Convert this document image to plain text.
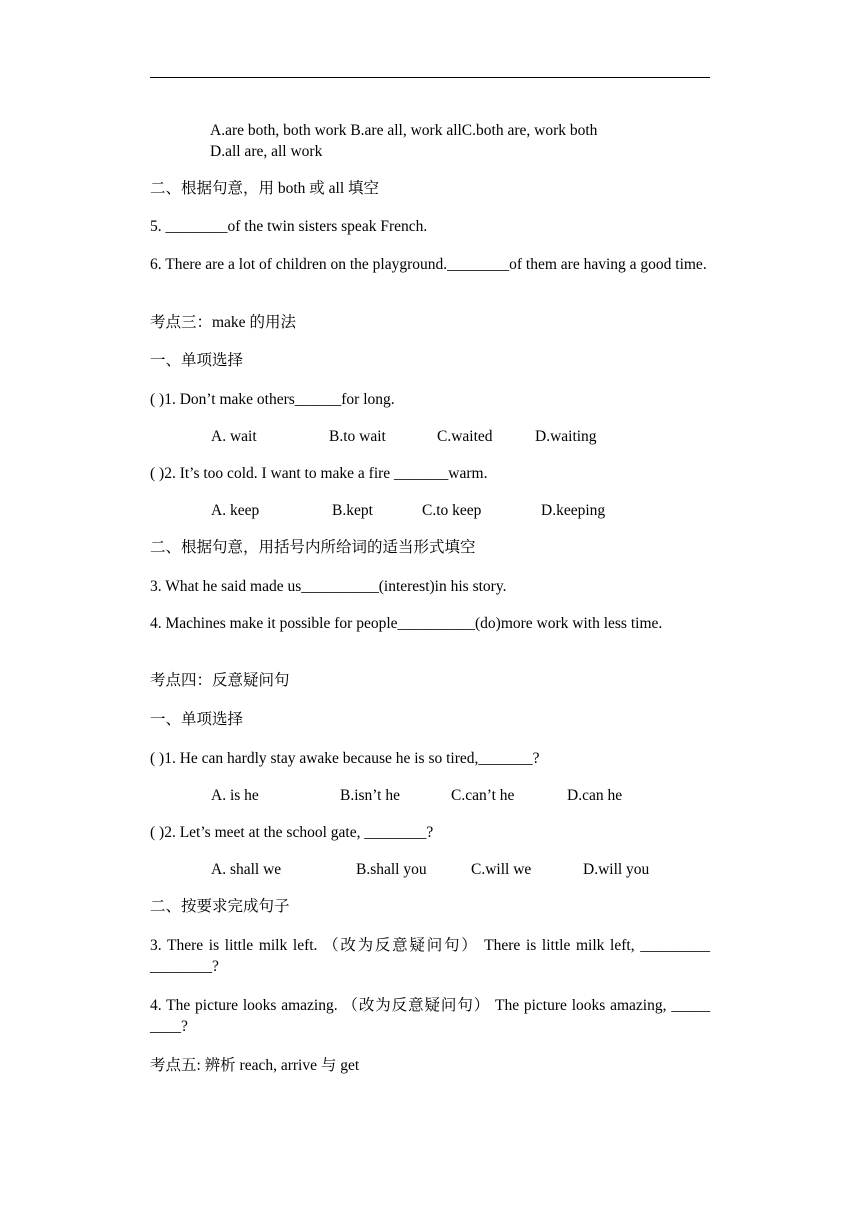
A.are both, both work B.are all, work allC.both are, work both
D.all are, all work
二、根据句意，用 both 或 all 填空
5. ________of the twin sisters speak French.
6. There are a lot of children on the playground.________of them are having a good time.
考点三：make 的用法
一、单项选择
( )1. Don’t make others______for long.
A. wait	B.to wait	C.waited	D.waiting
( )2. It’s too cold. I want to make a fire _______warm.
A. keep	B.kept	C.to keep	D.keeping
二、根据句意，用括号内所给词的适当形式填空
3. What he said made us__________(interest)in his story.
4. Machines make it possible for people__________(do)more work with less time.
考点四：反意疑问句
一、单项选择
( )1. He can hardly stay awake because he is so tired,_______?
A. is he	B.isn’t he	C.can’t he	D.can he
( )2. Let’s meet at the school gate, ________?
A. shall we	B.shall you	C.will we	D.will you
二、按要求完成句子
3. There is little milk left. （改为反意疑问句） There is little milk left, _________ ________?
4. The picture looks amazing. （改为反意疑问句） The picture looks amazing, _____ ____?
考点五: 辨析 reach, arrive 与 get
